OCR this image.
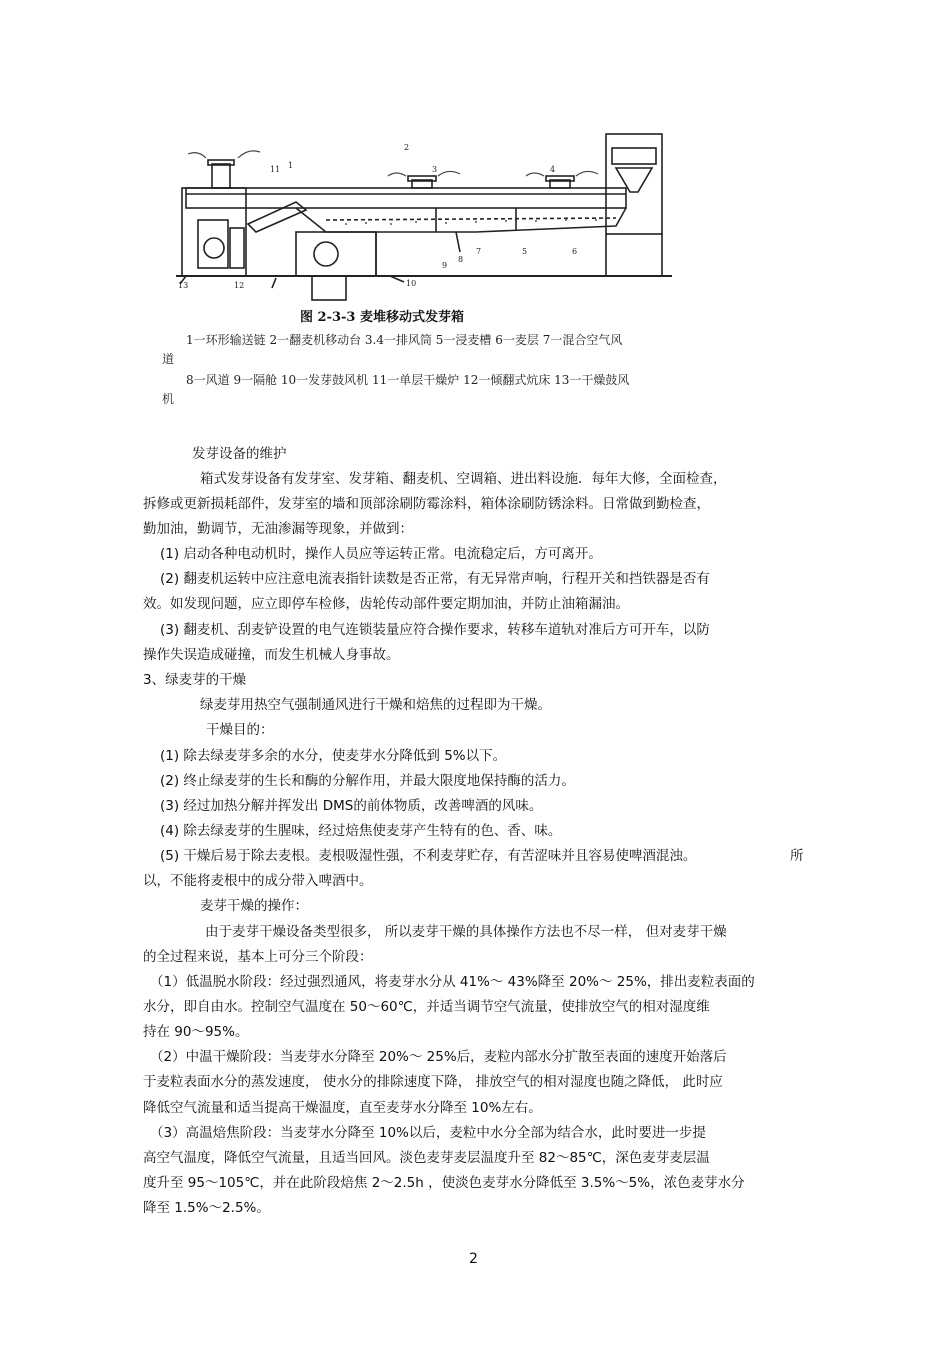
1
2
3	4
5	6
7
8
9
10
11
12
13
图 2-3-3 麦堆移动式发芽箱
1一环形输送链 2一翻麦机移动台 3.4一排风筒 5一浸麦槽 6一麦层 7一混合空气风
道
8一风道 9一隔舱 10一发芽鼓风机 11一单层干燥炉 12一倾翻式炕床 13一干燥鼓风
机
发芽设备的维护
箱式发芽设备有发芽室、发芽箱、翻麦机、空调箱、进出料设施．每年大修，全面检查，
拆修或更新损耗部件，发芽室的墙和顶部涂刷防霉涂料，箱体涂刷防锈涂料。日常做到勤检查，
勤加油，勤调节，无油渗漏等现象，并做到：
(1) 启动各种电动机时，操作人员应等运转正常。电流稳定后，方可离开。
(2) 翻麦机运转中应注意电流表指针读数是否正常，有无异常声响，行程开关和挡铁器是否有
效。如发现问题，应立即停车检修，齿轮传动部件要定期加油，并防止油箱漏油。
(3) 翻麦机、刮麦铲设置的电气连锁装量应符合操作要求，转移车道轨对准后方可开车，以防
操作失误造成碰撞，而发生机械人身事故。
3、绿麦芽的干燥
绿麦芽用热空气强制通风进行干燥和焙焦的过程即为干燥。
干燥目的：
(1) 除去绿麦芽多余的水分，使麦芽水分降低到 5%以下。
(2) 终止绿麦芽的生长和酶的分解作用，并最大限度地保持酶的活力。
(3) 经过加热分解并挥发出 DMS的前体物质，改善啤酒的风味。
(4) 除去绿麦芽的生腥味，经过焙焦使麦芽产生特有的色、香、味。
(5) 干燥后易于除去麦根。麦根吸湿性强，不利麦芽贮存，有苦涩味并且容易使啤酒混浊。	所
以，不能将麦根中的成分带入啤酒中。
麦芽干燥的操作：
由于麦芽干燥设备类型很多， 所以麦芽干燥的具体操作方法也不尽一样， 但对麦芽干燥
的全过程来说，基本上可分三个阶段：
（1）低温脱水阶段：经过强烈通风，将麦芽水分从 41%～ 43%降至 20%～ 25%，排出麦粒表面的
水分，即自由水。控制空气温度在 50～60℃，并适当调节空气流量，使排放空气的相对湿度维
持在 90～95%。
（2）中温干燥阶段：当麦芽水分降至 20%～ 25%后，麦粒内部水分扩散至表面的速度开始落后
于麦粒表面水分的蒸发速度， 使水分的排除速度下降， 排放空气的相对湿度也随之降低， 此时应
降低空气流量和适当提高干燥温度，直至麦芽水分降至 10%左右。
（3）高温焙焦阶段：当麦芽水分降至 10%以后，麦粒中水分全部为结合水，此时要进一步提
高空气温度，降低空气流量，且适当回风。淡色麦芽麦层温度升至 82～85℃，深色麦芽麦层温
度升至 95～105℃，并在此阶段焙焦 2～2.5h ，使淡色麦芽水分降低至 3.5%～5%，浓色麦芽水分
降至 1.5%～2.5%。
2
